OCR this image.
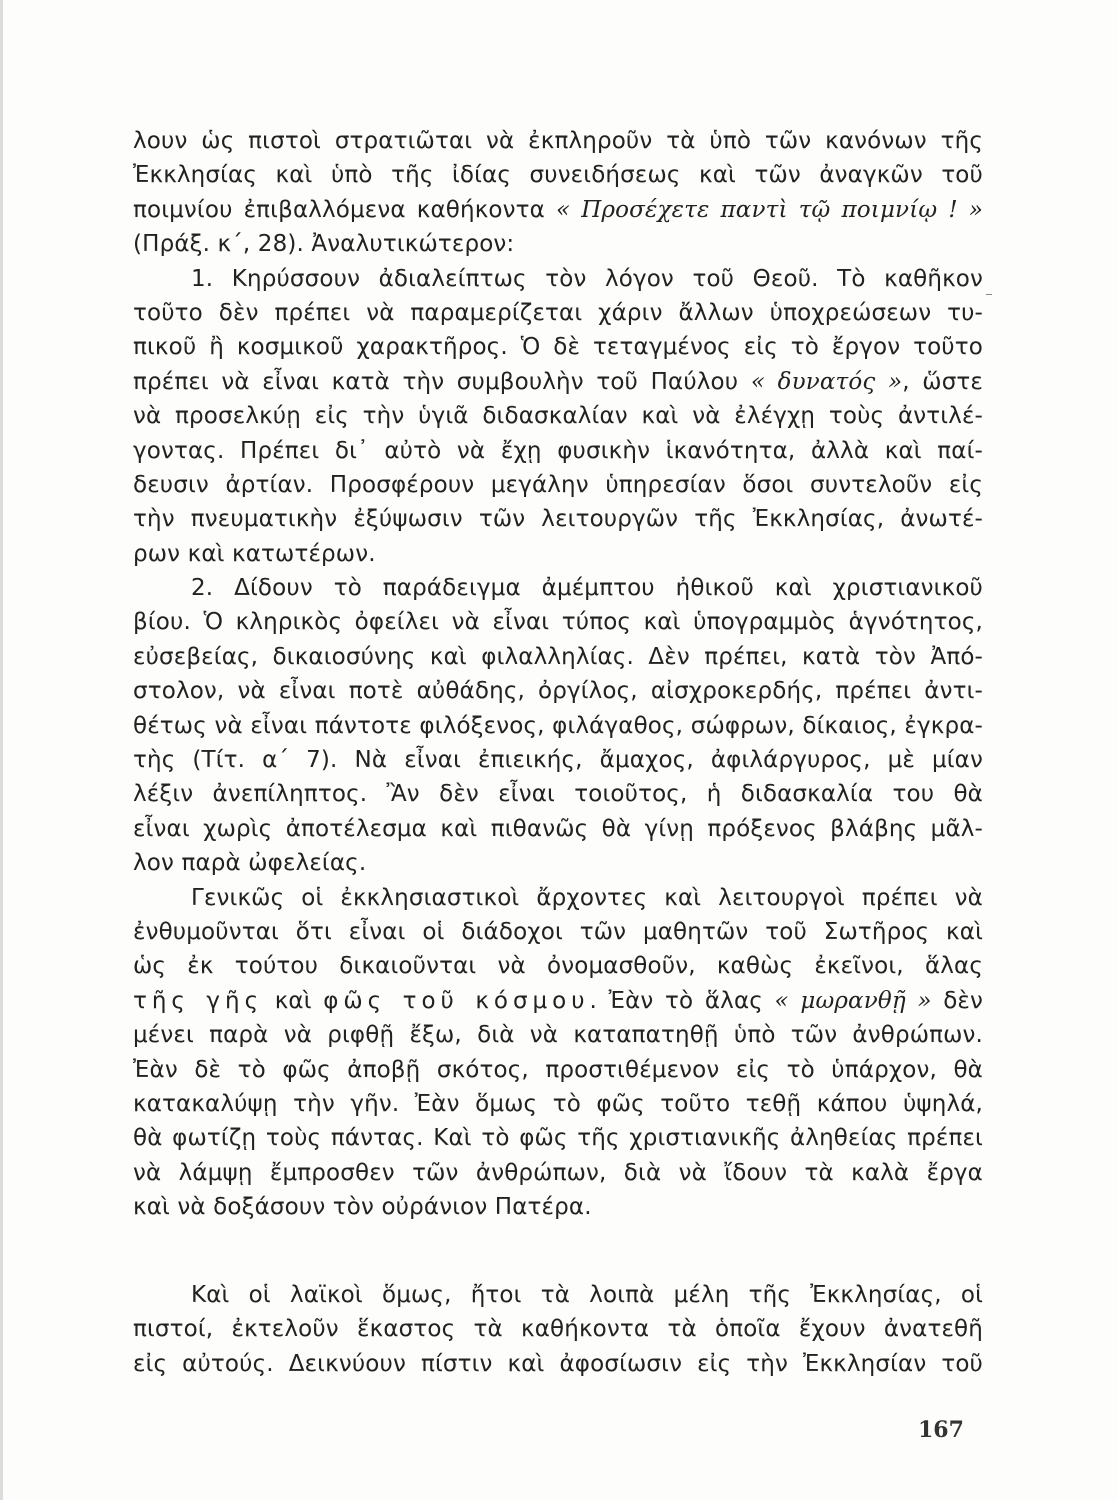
λουν ὡς πιστοὶ στρατιῶται νὰ ἐκπληροῦν τὰ ὑπὸ τῶν κανόνων τῆς
Ἐκκλησίας καὶ ὑπὸ τῆς ἰδίας συνειδήσεως καὶ τῶν ἀναγκῶν τοῦ
ποιμνίου ἐπιβαλλόμενα καθήκοντα « Προσέχετε παντὶ τῷ ποιμνίῳ ! »
(Πράξ. κ΄, 28). Ἀναλυτικώτερον:
1. Κηρύσσουν ἀδιαλείπτως τὸν λόγον τοῦ Θεοῦ. Τὸ καθῆκον
τοῦτο δὲν πρέπει νὰ παραμερίζεται χάριν ἄλλων ὑποχρεώσεων τυ-
πικοῦ ἢ κοσμικοῦ χαρακτῆρος. Ὁ δὲ τεταγμένος εἰς τὸ ἔργον τοῦτο
πρέπει νὰ εἶναι κατὰ τὴν συμβουλὴν τοῦ Παύλου « δυνατός », ὥστε
νὰ προσελκύῃ εἰς τὴν ὑγιᾶ διδασκαλίαν καὶ νὰ ἐλέγχῃ τοὺς ἀντιλέ-
γοντας. Πρέπει δι᾿ αὐτὸ νὰ ἔχῃ φυσικὴν ἱκανότητα, ἀλλὰ καὶ παί-
δευσιν ἀρτίαν. Προσφέρουν μεγάλην ὑπηρεσίαν ὅσοι συντελοῦν εἰς
τὴν πνευματικὴν ἐξύψωσιν τῶν λειτουργῶν τῆς Ἐκκλησίας, ἀνωτέ-
ρων καὶ κατωτέρων.
2. Δίδουν τὸ παράδειγμα ἀμέμπτου ἠθικοῦ καὶ χριστιανικοῦ
βίου. Ὁ κληρικὸς ὀφείλει νὰ εἶναι τύπος καὶ ὑπογραμμὸς ἁγνότητος,
εὐσεβείας, δικαιοσύνης καὶ φιλαλληλίας. Δὲν πρέπει, κατὰ τὸν Ἀπό-
στολον, νὰ εἶναι ποτὲ αὐθάδης, ὀργίλος, αἰσχροκερδής, πρέπει ἀντι-
θέτως νὰ εἶναι πάντοτε φιλόξενος, φιλάγαθος, σώφρων, δίκαιος, ἐγκρα-
τὴς (Τίτ. α΄ 7). Νὰ εἶναι ἐπιεικής, ἄμαχος, ἀφιλάργυρος, μὲ μίαν
λέξιν ἀνεπίληπτος. Ἂν δὲν εἶναι τοιοῦτος, ἡ διδασκαλία του θὰ
εἶναι χωρὶς ἀποτέλεσμα καὶ πιθανῶς θὰ γίνῃ πρόξενος βλάβης μᾶλ-
λον παρὰ ὠφελείας.
Γενικῶς οἱ ἐκκλησιαστικοὶ ἄρχοντες καὶ λειτουργοὶ πρέπει νὰ
ἐνθυμοῦνται ὅτι εἶναι οἱ διάδοχοι τῶν μαθητῶν τοῦ Σωτῆρος καὶ
ὡς ἐκ τούτου δικαιοῦνται νὰ ὀνομασθοῦν, καθὼς ἐκεῖνοι, ἅλας
τῆς γῆς καὶ φῶς τοῦ κόσμου. Ἐὰν τὸ ἅλας « μωρανθῇ » δὲν
μένει παρὰ νὰ ριφθῇ ἔξω, διὰ νὰ καταπατηθῇ ὑπὸ τῶν ἀνθρώπων.
Ἐὰν δὲ τὸ φῶς ἀποβῇ σκότος, προστιθέμενον εἰς τὸ ὑπάρχον, θὰ
κατακαλύψῃ τὴν γῆν. Ἐὰν ὅμως τὸ φῶς τοῦτο τεθῇ κάπου ὑψηλά,
θὰ φωτίζῃ τοὺς πάντας. Καὶ τὸ φῶς τῆς χριστιανικῆς ἀληθείας πρέπει
νὰ λάμψῃ ἔμπροσθεν τῶν ἀνθρώπων, διὰ νὰ ἴδουν τὰ καλὰ ἔργα
καὶ νὰ δοξάσουν τὸν οὐράνιον Πατέρα.
Καὶ οἱ λαϊκοὶ ὅμως, ἤτοι τὰ λοιπὰ μέλη τῆς Ἐκκλησίας, οἱ
πιστοί, ἐκτελοῦν ἕκαστος τὰ καθήκοντα τὰ ὁποῖα ἔχουν ἀνατεθῆ
εἰς αὐτούς. Δεικνύουν πίστιν καὶ ἀφοσίωσιν εἰς τὴν Ἐκκλησίαν τοῦ
167
